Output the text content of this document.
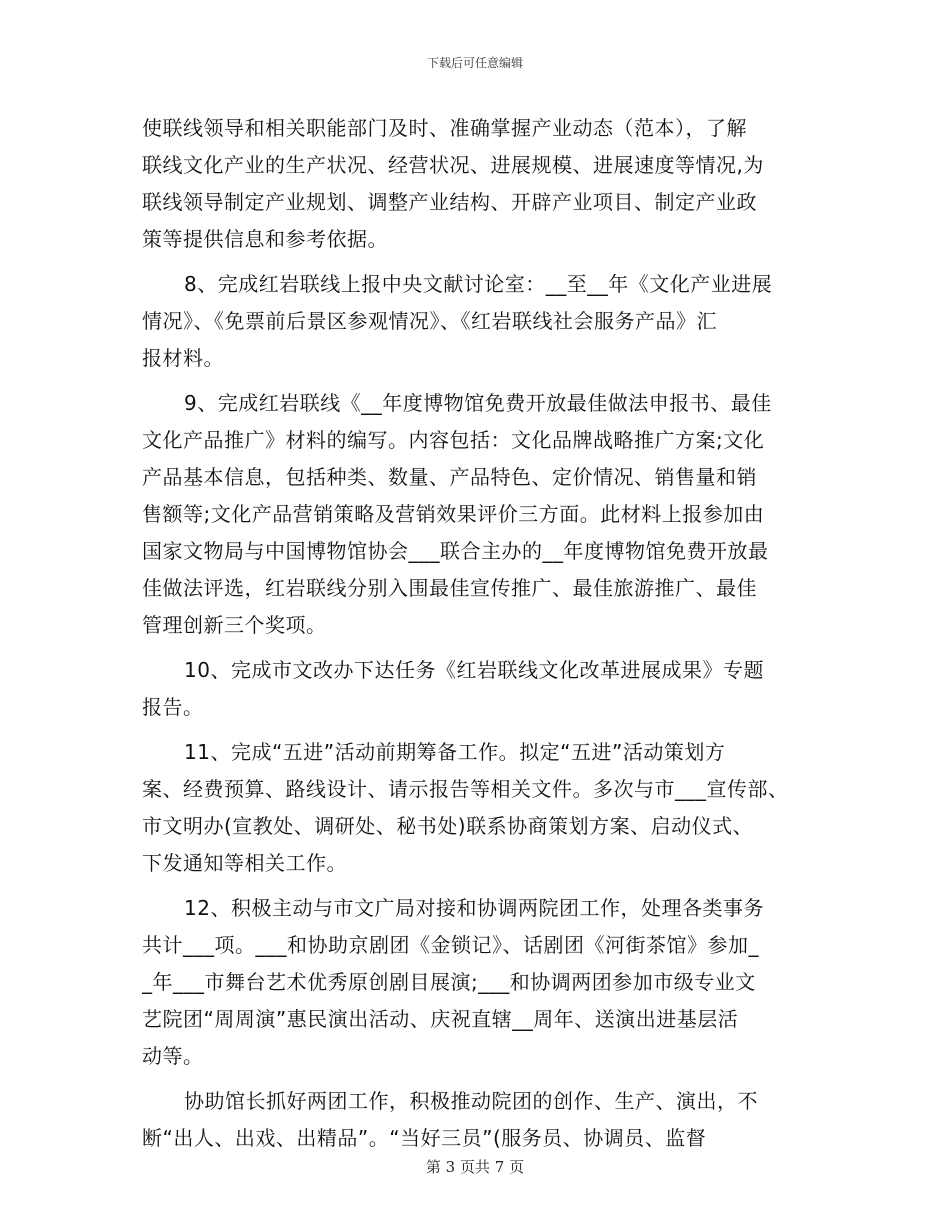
下载后可任意编辑
使联线领导和相关职能部门及时、准确掌握产业动态（范本），了解
联线文化产业的生产状况、经营状况、进展规模、进展速度等情况,为
联线领导制定产业规划、调整产业结构、开辟产业项目、制定产业政
策等提供信息和参考依据。
8、完成红岩联线上报中央文献讨论室：__至__年《文化产业进展
情况》、《免票前后景区参观情况》、《红岩联线社会服务产品》汇
报材料。
9、完成红岩联线《__年度博物馆免费开放最佳做法申报书、最佳
文化产品推广》材料的编写。内容包括：文化品牌战略推广方案;文化
产品基本信息，包括种类、数量、产品特色、定价情况、销售量和销
售额等;文化产品营销策略及营销效果评价三方面。此材料上报参加由
国家文物局与中国博物馆协会___联合主办的__年度博物馆免费开放最
佳做法评选，红岩联线分别入围最佳宣传推广、最佳旅游推广、最佳
管理创新三个奖项。
10、完成市文改办下达任务《红岩联线文化改革进展成果》专题
报告。
11、完成“五进”活动前期筹备工作。拟定“五进”活动策划方
案、经费预算、路线设计、请示报告等相关文件。多次与市___宣传部、
市文明办(宣教处、调研处、秘书处)联系协商策划方案、启动仪式、
下发通知等相关工作。
12、积极主动与市文广局对接和协调两院团工作，处理各类事务
共计___项。___和协助京剧团《金锁记》、话剧团《河街茶馆》参加_
_年___市舞台艺术优秀原创剧目展演;___和协调两团参加市级专业文
艺院团“周周演”惠民演出活动、庆祝直辖__周年、送演出进基层活
动等。
协助馆长抓好两团工作，积极推动院团的创作、生产、演出，不
断“出人、出戏、出精品”。“当好三员”(服务员、协调员、监督
第 3 页共 7 页
